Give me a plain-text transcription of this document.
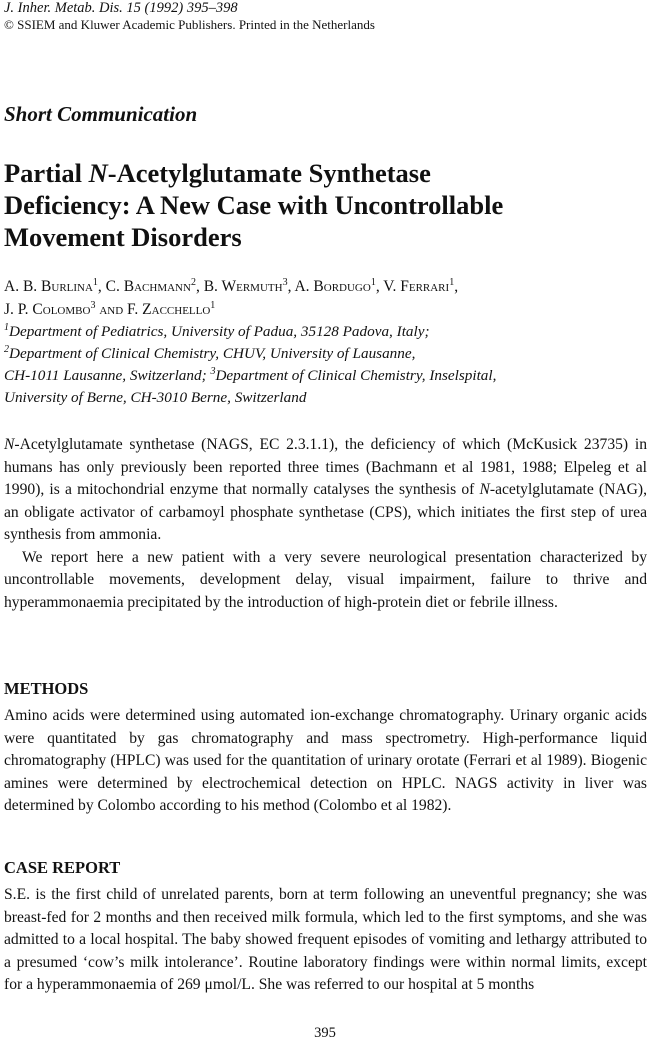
J. Inher. Metab. Dis. 15 (1992) 395–398
© SSIEM and Kluwer Academic Publishers. Printed in the Netherlands
Short Communication
Partial N-Acetylglutamate Synthetase
Deficiency: A New Case with Uncontrollable
Movement Disorders
A. B. Burlina$^1$, C. Bachmann$^2$, B. Wermuth$^3$, A. Bordugo$^1$, V. Ferrari$^1$,
J. P. Colombo$^3$ and F. Zacchello$^1$
$^1$Department of Pediatrics, University of Padua, 35128 Padova, Italy;
$^2$Department of Clinical Chemistry, CHUV, University of Lausanne,
CH-1011 Lausanne, Switzerland; $^3$Department of Clinical Chemistry, Inselspital,
University of Berne, CH-3010 Berne, Switzerland

N-Acetylglutamate synthetase (NAGS, EC 2.3.1.1), the deficiency of which (McKusick 23735) in humans has only previously been reported three times (Bachmann et al 1981, 1988; Elpeleg et al 1990), is a mitochondrial enzyme that normally catalyses the synthesis of N-acetylglutamate (NAG), an obligate activator of carbamoyl phosphate synthetase (CPS), which initiates the first step of urea synthesis from ammonia.

We report here a new patient with a very severe neurological presentation characterized by uncontrollable movements, development delay, visual impairment, failure to thrive and hyperammonaemia precipitated by the introduction of high-protein diet or febrile illness.

METHODS
Amino acids were determined using automated ion-exchange chromatography. Urinary organic acids were quantitated by gas chromatography and mass spectrometry. High-performance liquid chromatography (HPLC) was used for the quantitation of urinary orotate (Ferrari et al 1989). Biogenic amines were determined by electrochemical detection on HPLC. NAGS activity in liver was determined by Colombo according to his method (Colombo et al 1982).
CASE REPORT
S.E. is the first child of unrelated parents, born at term following an uneventful pregnancy; she was breast-fed for 2 months and then received milk formula, which led to the first symptoms, and she was admitted to a local hospital. The baby showed frequent episodes of vomiting and lethargy attributed to a presumed ‘cow’s milk intolerance’. Routine laboratory findings were within normal limits, except for a hyperammonaemia of 269 μmol/L. She was referred to our hospital at 5 months
395
